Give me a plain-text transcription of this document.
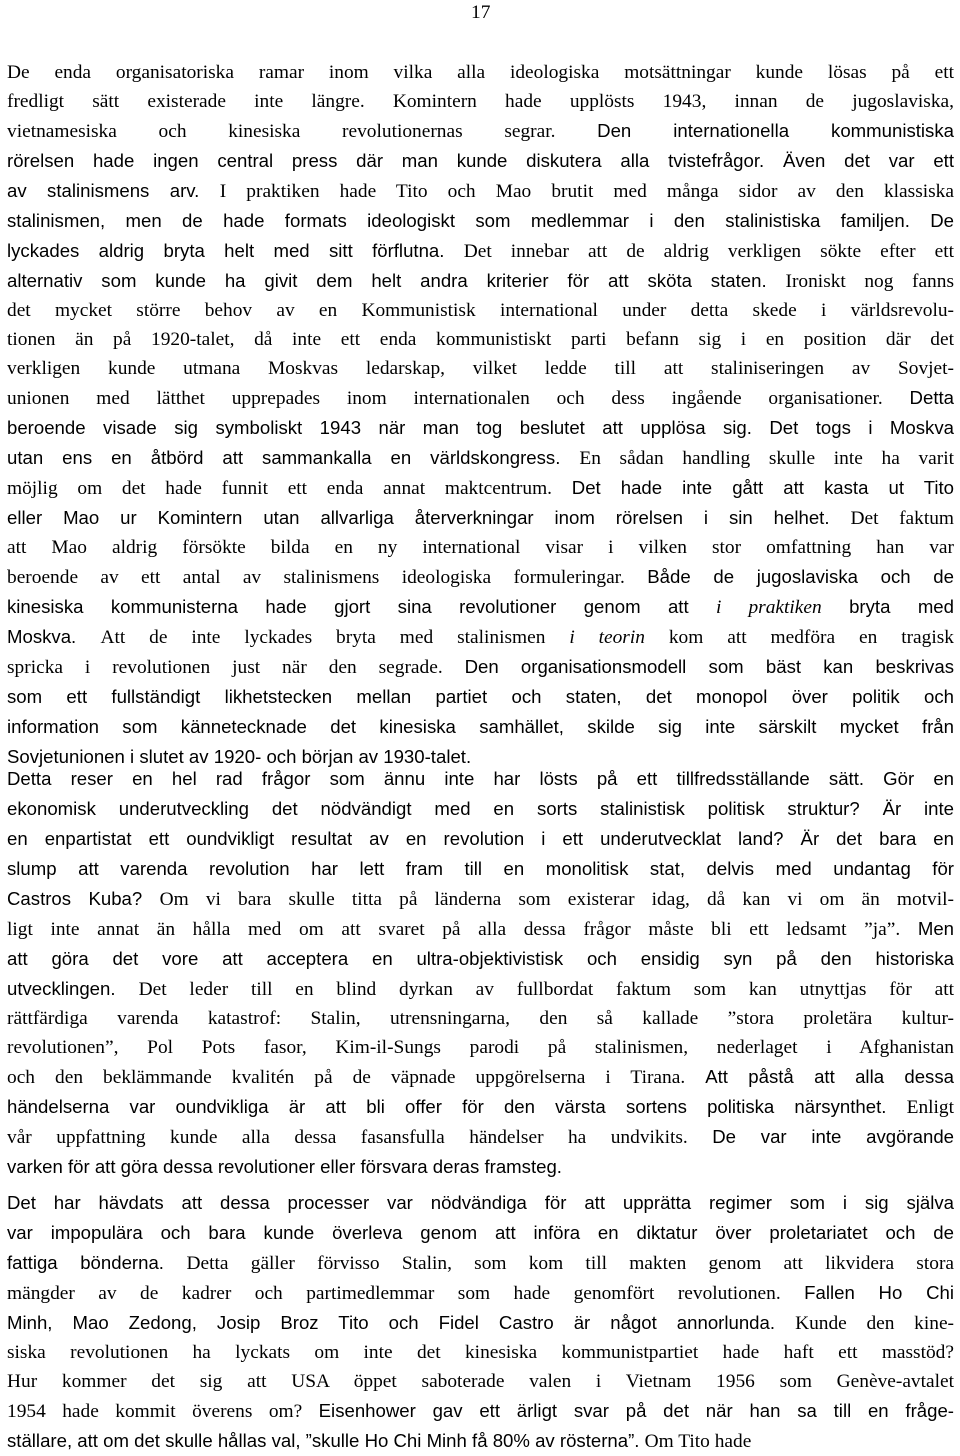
17
De enda organisatoriska ramar inom vilka alla ideologiska motsättningar kunde lösas på ett
fredligt sätt existerade inte längre. Komintern hade upplösts 1943, innan de jugoslaviska,
vietnamesiska och kinesiska revolutionernas segrar. Den internationella kommunistiska
rörelsen hade ingen central press där man kunde diskutera alla tvistefrågor. Även det var ett
av stalinismens arv. I praktiken hade Tito och Mao brutit med många sidor av den klassiska
stalinismen, men de hade formats ideologiskt som medlemmar i den stalinistiska familjen. De
lyckades aldrig bryta helt med sitt förflutna. Det innebar att de aldrig verkligen sökte efter ett
alternativ som kunde ha givit dem helt andra kriterier för att sköta staten. Ironiskt nog fanns
det mycket större behov av en Kommunistisk international under detta skede i världsrevolu-
tionen än på 1920-talet, då inte ett enda kommunistiskt parti befann sig i en position där det
verkligen kunde utmana Moskvas ledarskap, vilket ledde till att staliniseringen av Sovjet-
unionen med lätthet upprepades inom internationalen och dess ingående organisationer. Detta
beroende visade sig symboliskt 1943 när man tog beslutet att upplösa sig. Det togs i Moskva
utan ens en åtbörd att sammankalla en världskongress. En sådan handling skulle inte ha varit
möjlig om det hade funnit ett enda annat maktcentrum. Det hade inte gått att kasta ut Tito
eller Mao ur Komintern utan allvarliga återverkningar inom rörelsen i sin helhet. Det faktum
att Mao aldrig försökte bilda en ny international visar i vilken stor omfattning han var
beroende av ett antal av stalinismens ideologiska formuleringar. Både de jugoslaviska och de
kinesiska kommunisterna hade gjort sina revolutioner genom att i praktiken bryta med
Moskva. Att de inte lyckades bryta med stalinismen i teorin kom att medföra en tragisk
spricka i revolutionen just när den segrade. Den organisationsmodell som bäst kan beskrivas
som ett fullständigt likhetstecken mellan partiet och staten, det monopol över politik och
information som kännetecknade det kinesiska samhället, skilde sig inte särskilt mycket från
Sovjetunionen i slutet av 1920- och början av 1930-talet.
Detta reser en hel rad frågor som ännu inte har lösts på ett tillfredsställande sätt. Gör en
ekonomisk underutveckling det nödvändigt med en sorts stalinistisk politisk struktur? Är inte
en enpartistat ett oundvikligt resultat av en revolution i ett underutvecklat land? Är det bara en
slump att varenda revolution har lett fram till en monolitisk stat, delvis med undantag för
Castros Kuba? Om vi bara skulle titta på länderna som existerar idag, då kan vi om än motvil-
ligt inte annat än hålla med om att svaret på alla dessa frågor måste bli ett ledsamt ”ja”. Men
att göra det vore att acceptera en ultra-objektivistisk och ensidig syn på den historiska
utvecklingen. Det leder till en blind dyrkan av fullbordat faktum som kan utnyttjas för att
rättfärdiga varenda katastrof: Stalin, utrensningarna, den så kallade ”stora proletära kultur-
revolutionen”, Pol Pots fasor, Kim-il-Sungs parodi på stalinismen, nederlaget i Afghanistan
och den beklämmande kvalitén på de väpnade uppgörelserna i Tirana. Att påstå att alla dessa
händelserna var oundvikliga är att bli offer för den värsta sortens politiska närsynthet. Enligt
vår uppfattning kunde alla dessa fasansfulla händelser ha undvikits. De var inte avgörande
varken för att göra dessa revolutioner eller försvara deras framsteg.
Det har hävdats att dessa processer var nödvändiga för att upprätta regimer som i sig själva
var impopulära och bara kunde överleva genom att införa en diktatur över proletariatet och de
fattiga bönderna. Detta gäller förvisso Stalin, som kom till makten genom att likvidera stora
mängder av de kadrer och partimedlemmar som hade genomfört revolutionen. Fallen Ho Chi
Minh, Mao Zedong, Josip Broz Tito och Fidel Castro är något annorlunda. Kunde den kine-
siska revolutionen ha lyckats om inte det kinesiska kommunistpartiet hade haft ett masstöd?
Hur kommer det sig att USA öppet saboterade valen i Vietnam 1956 som Genève-avtalet
1954 hade kommit överens om? Eisenhower gav ett ärligt svar på det när han sa till en fråge-
ställare, att om det skulle hållas val, ”skulle Ho Chi Minh få 80% av rösterna”. Om Tito hade
